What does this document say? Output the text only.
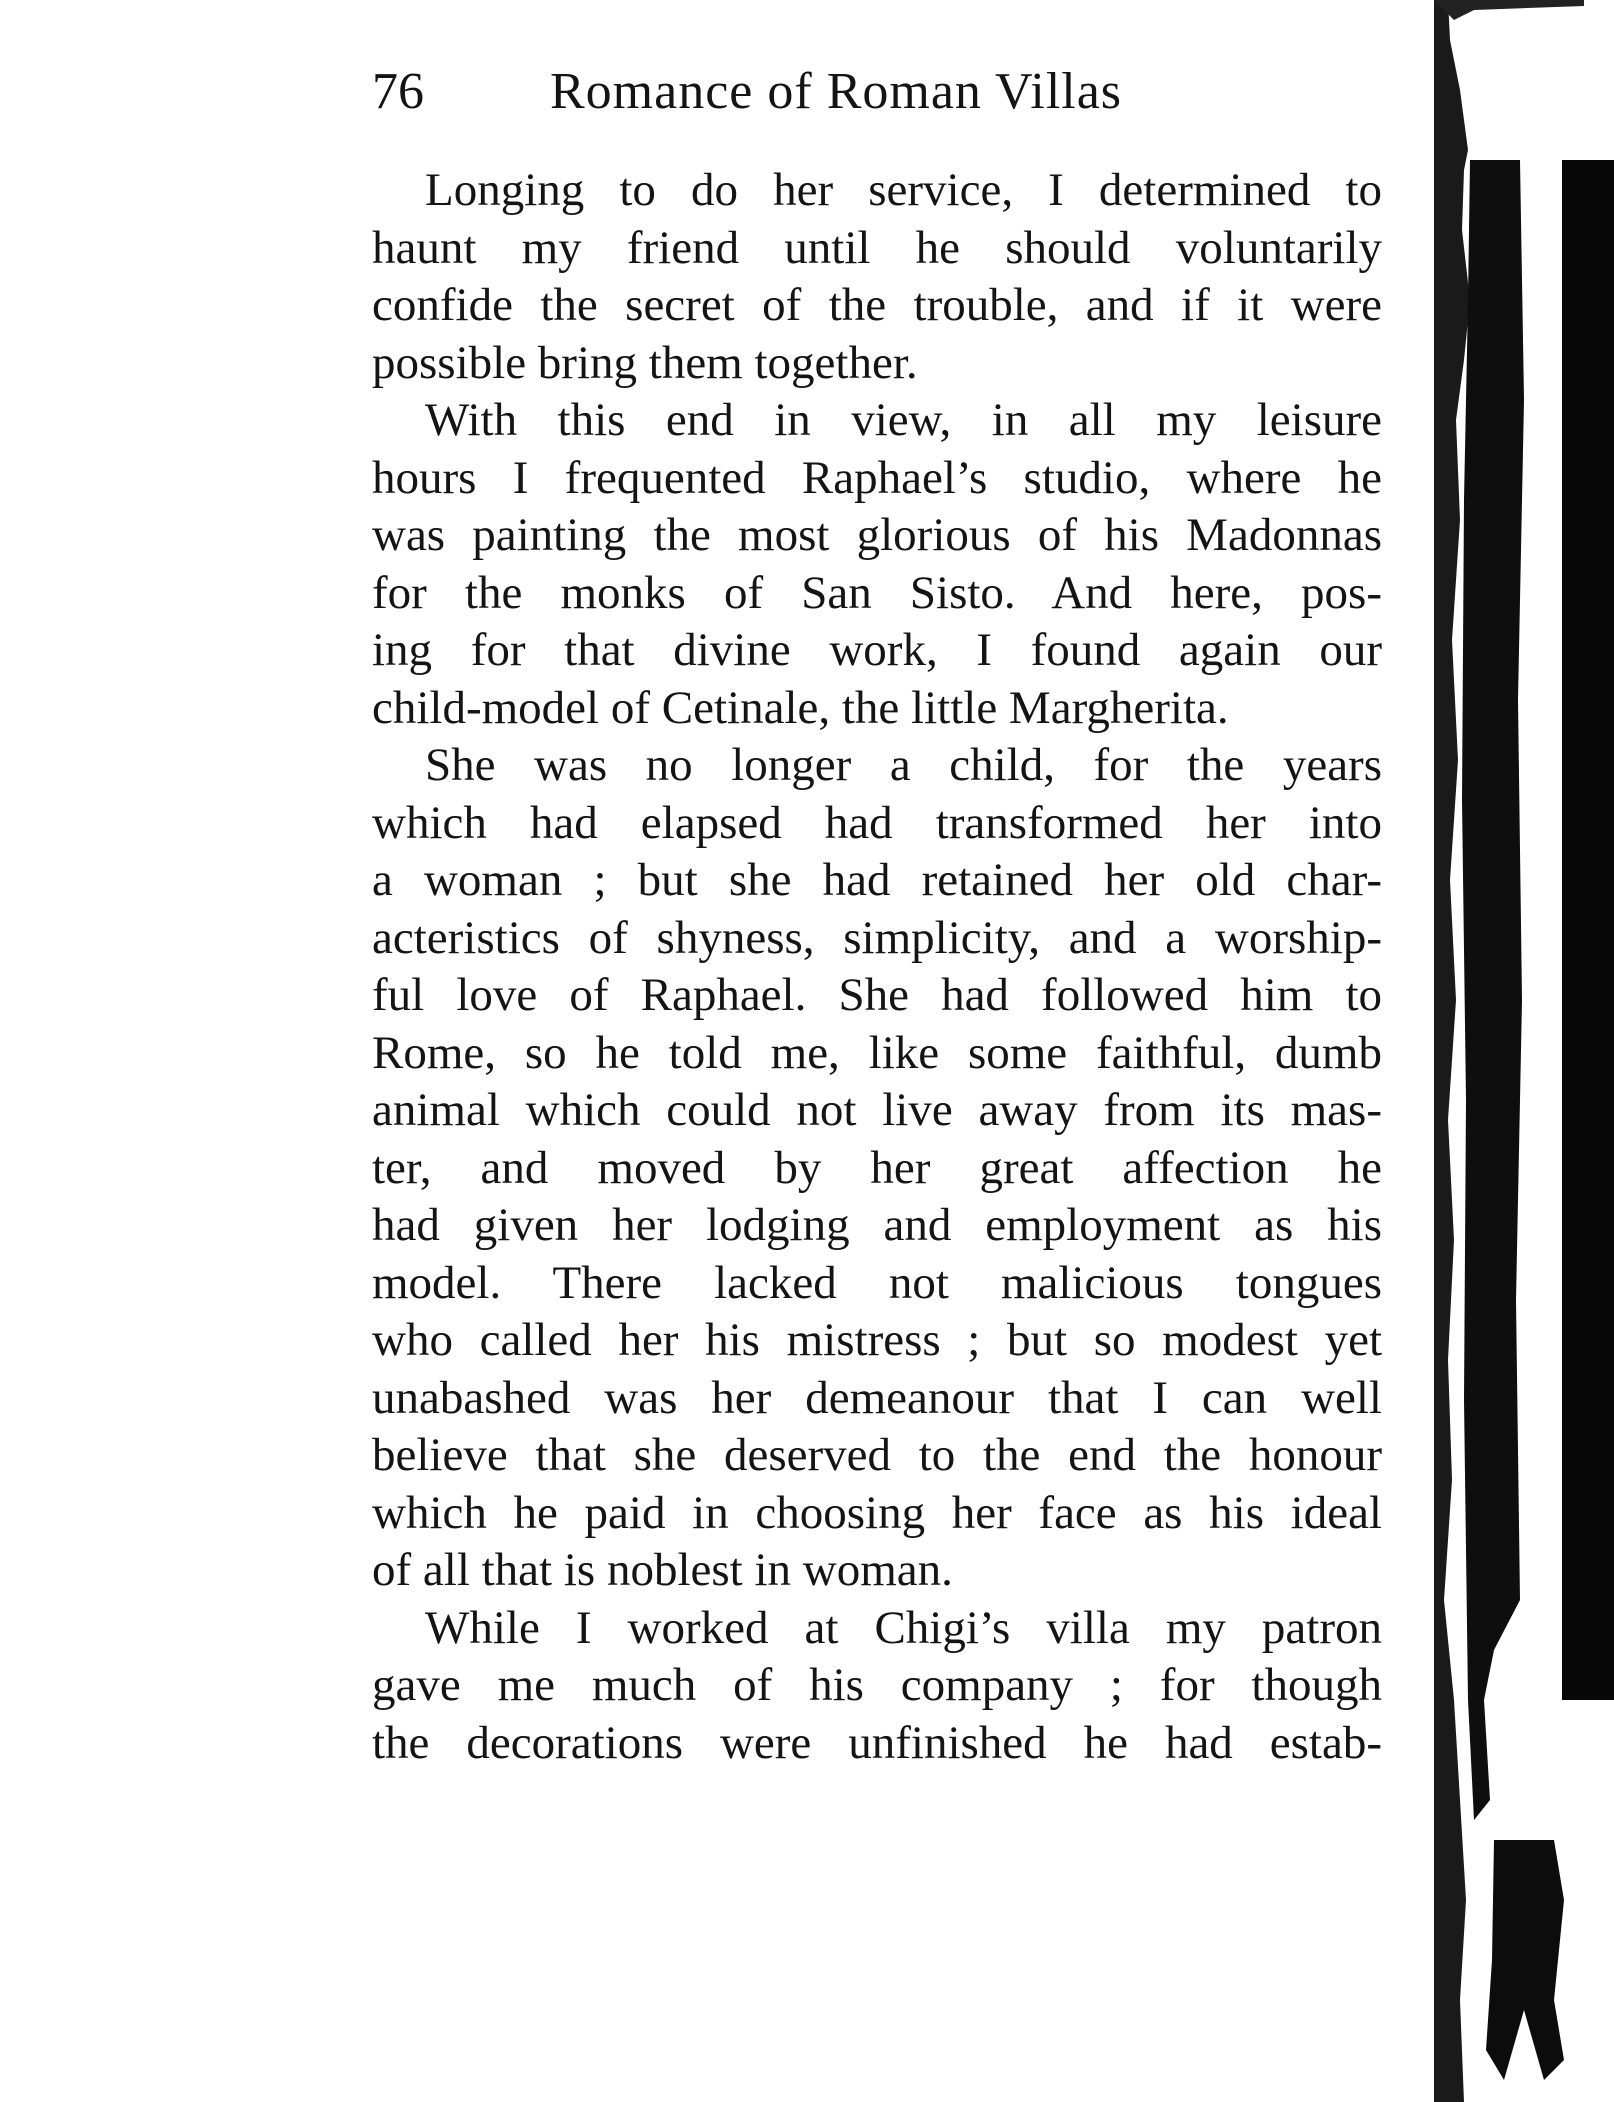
76 Romance of Roman Villas
Longing to do her service, I determined to
haunt my friend until he should voluntarily
confide the secret of the trouble, and if it were
possible bring them together.
With this end in view, in all my leisure
hours I frequented Raphael’s studio, where he
was painting the most glorious of his Madonnas
for the monks of San Sisto. And here, pos-
ing for that divine work, I found again our
child-model of Cetinale, the little Margherita.
She was no longer a child, for the years
which had elapsed had transformed her into
a woman ; but she had retained her old char-
acteristics of shyness, simplicity, and a worship-
ful love of Raphael. She had followed him to
Rome, so he told me, like some faithful, dumb
animal which could not live away from its mas-
ter, and moved by her great affection he
had given her lodging and employment as his
model. There lacked not malicious tongues
who called her his mistress ; but so modest yet
unabashed was her demeanour that I can well
believe that she deserved to the end the honour
which he paid in choosing her face as his ideal
of all that is noblest in woman.
While I worked at Chigi’s villa my patron
gave me much of his company ; for though
the decorations were unfinished he had estab-
